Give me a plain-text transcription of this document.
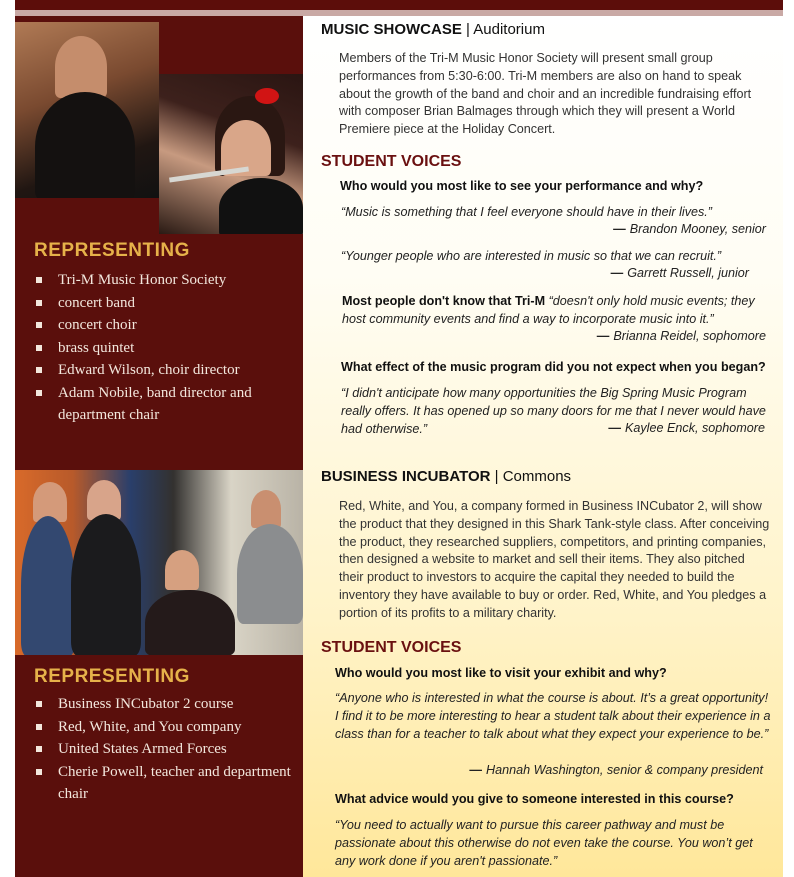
REPRESENTING
Tri-M Music Honor Society
concert band
concert choir
brass quintet
Edward Wilson, choir director
Adam Nobile, band director and department chair
REPRESENTING
Business INCubator 2 course
Red, White, and You company
United States Armed Forces
Cherie Powell, teacher and department chair

MUSIC SHOWCASE | Auditorium

Members of the Tri-M Music Honor Society will present small group performances from 5:30-6:00. Tri-M members are also on hand to speak about the growth of the band and choir and an incredible fundraising effort with composer Brian Balmages through which they will present a World Premiere piece at the Holiday Concert.

STUDENT VOICES

Who would you most like to see your performance and why?

“Music is something that I feel everyone should have in their lives.”

— Brandon Mooney, senior

“Younger people who are interested in music so that we can recruit.”

— Garrett Russell, junior

Most people don't know that Tri-M “doesn't only hold music events; they host community events and find a way to incorporate music into it.”

— Brianna Reidel, sophomore

What effect of the music program did you not expect when you began?

“I didn't anticipate how many opportunities the Big Spring Music Program really offers. It has opened up so many doors for me that I never would have had otherwise.”	— Kaylee Enck, sophomore

BUSINESS INCUBATOR | Commons

Red, White, and You, a company formed in Business INCubator 2, will show the product that they designed in this Shark Tank-style class. After conceiving the product, they researched suppliers, competitors, and printing companies, then designed a website to market and sell their items. They also pitched their product to investors to acquire the capital they needed to build the inventory they have available to buy or order. Red, White, and You pledges a portion of its profits to a military charity.

STUDENT VOICES

Who would you most like to visit your exhibit and why?

“Anyone who is interested in what the course is about. It’s a great opportunity! I find it to be more interesting to hear a student talk about their experience in a class than for a teacher to talk about what they expect your experience to be.”

— Hannah Washington, senior & company president

What advice would you give to someone interested in this course?

“You need to actually want to pursue this career pathway and must be passionate about this otherwise do not even take the course. You won’t get any work done if you aren't passionate.”
